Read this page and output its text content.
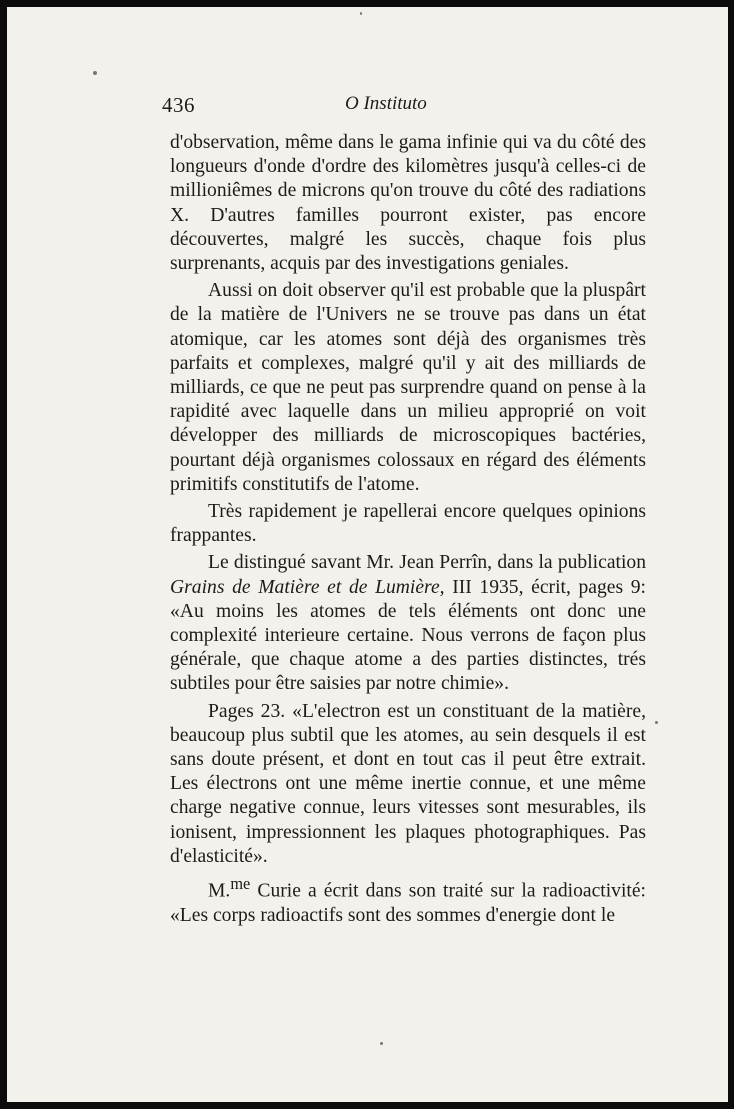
436	O Instituto

d'observation, même dans le gama infinie qui va du côté des longueurs d'onde d'ordre des kilomètres jusqu'à celles-ci de millioniêmes de microns qu'on trouve du côté des radiations X. D'autres familles pourront exister, pas encore découvertes, malgré les succès, chaque fois plus surprenants, acquis par des investigations geniales.

Aussi on doit observer qu'il est probable que la pluspârt de la matière de l'Univers ne se trouve pas dans un état atomique, car les atomes sont déjà des organismes très parfaits et complexes, malgré qu'il y ait des milliards de milliards, ce que ne peut pas surprendre quand on pense à la rapidité avec laquelle dans un milieu approprié on voit développer des milliards de microscopiques bactéries, pourtant déjà organismes colossaux en régard des éléments primitifs constitutifs de l'atome.

Très rapidement je rapellerai encore quelques opinions frappantes.

Le distingué savant Mr. Jean Perrîn, dans la publication Grains de Matière et de Lumière, III 1935, écrit, pages 9: «Au moins les atomes de tels éléments ont donc une complexité interieure certaine. Nous verrons de façon plus générale, que chaque atome a des parties distinctes, trés subtiles pour être saisies par notre chimie».

Pages 23. «L'electron est un constituant de la matière, beaucoup plus subtil que les atomes, au sein desquels il est sans doute présent, et dont en tout cas il peut être extrait. Les électrons ont une même inertie connue, et une même charge negative connue, leurs vitesses sont mesurables, ils ionisent, impressionnent les plaques photographiques. Pas d'elasticité».

M.$^{me}$ Curie a écrit dans son traité sur la radioactivité: «Les corps radioactifs sont des sommes d'energie dont le
